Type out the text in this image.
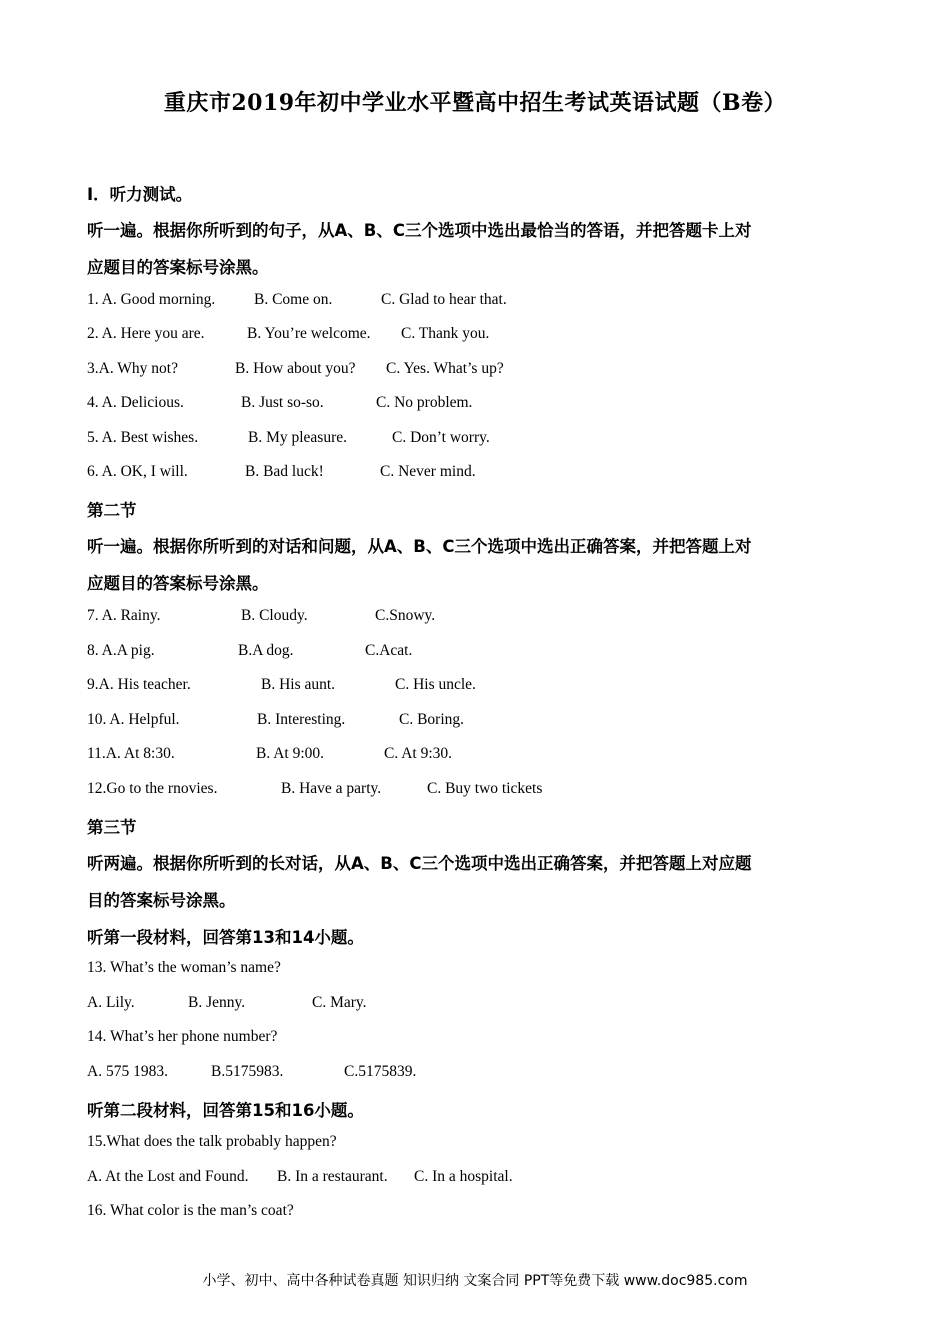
重庆市2019年初中学业水平暨高中招生考试英语试题（B卷）
I．听力测试。
听一遍。根据你所听到的句子，从A、B、C三个选项中选出最恰当的答语，并把答题卡上对
应题目的答案标号涂黑。
1. A. Good morning. B. Come on.	C. Glad to hear that.
2. A. Here you are.	B. You’re welcome. C. Thank you.
3.A. Why not?	B. How about you? C. Yes. What’s up?
4. A. Delicious.	B. Just so-so.	C. No problem.
5. A. Best wishes.	B. My pleasure.	C. Don’t worry.
6. A. OK, I will.	B. Bad luck!	C. Never mind.
第二节
听一遍。根据你所听到的对话和问题，从A、B、C三个选项中选出正确答案，并把答题上对
应题目的答案标号涂黑。
7. A. Rainy.	B. Cloudy.	C.Snowy.
8. A.A pig.	B.A dog.	C.Acat.
9.A. His teacher.	B. His aunt.	C. His uncle.
10. A. Helpful.	B. Interesting.	C. Boring.
11.A. At 8:30.	B. At 9:00.	C. At 9:30.
12.Go to the rnovies.	B. Have a party.	C. Buy two tickets
第三节
听两遍。根据你所听到的长对话，从A、B、C三个选项中选出正确答案，并把答题上对应题
目的答案标号涂黑。
听第一段材料，回答第13和14小题。
13. What’s the woman’s name?
A. Lily.	B. Jenny.	C. Mary.
14. What’s her phone number?
A. 575 1983.	B.5175983.	C.5175839.
听第二段材料，回答第15和16小题。
15.What does the talk probably happen?
A. At the Lost and Found. B. In a restaurant. C. In a hospital.
16. What color is the man’s coat?
小学、初中、高中各种试卷真题 知识归纳 文案合同 PPT等免费下载 www.doc985.com
